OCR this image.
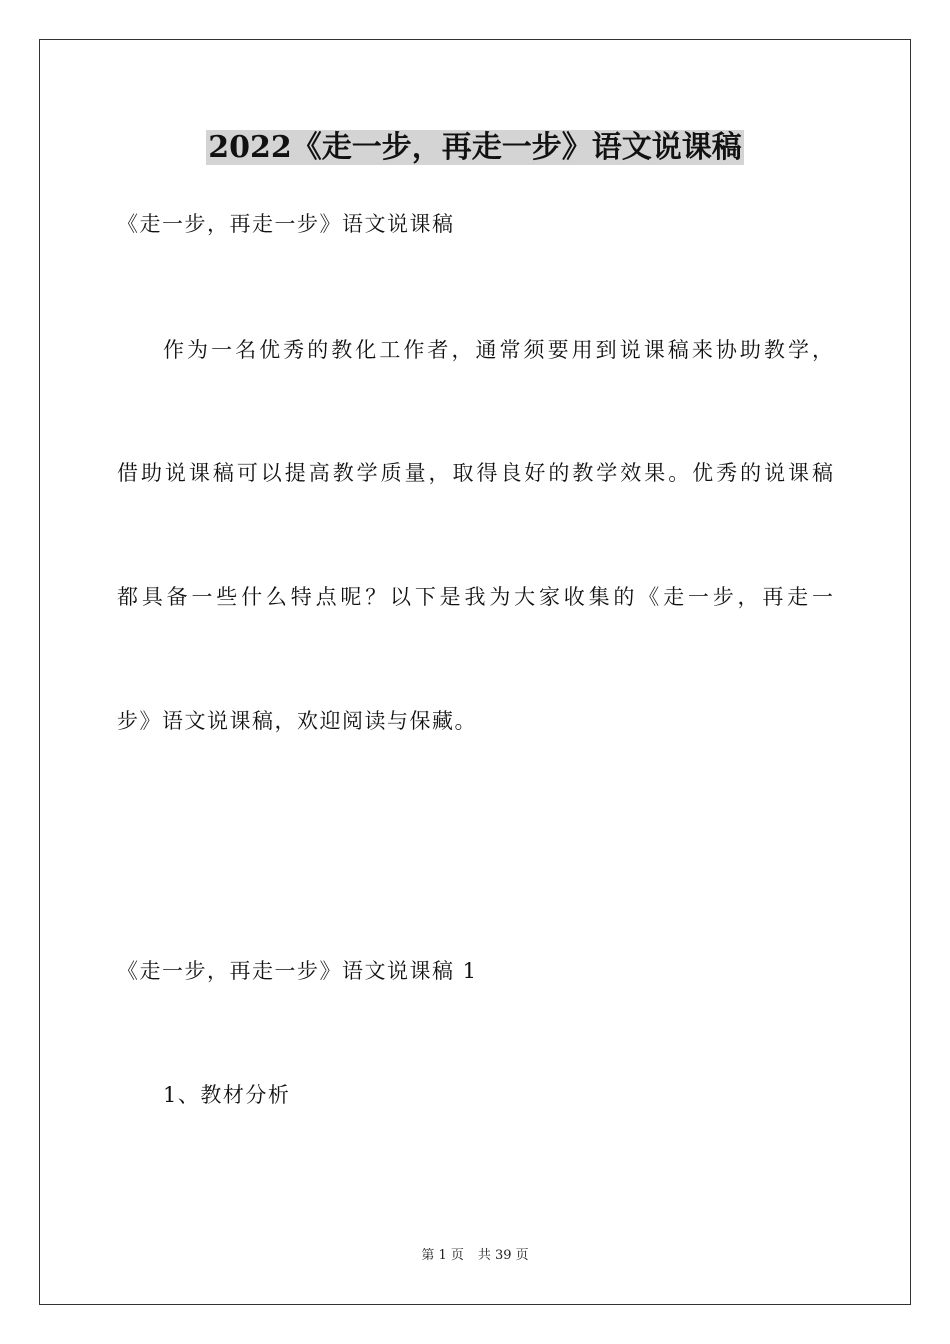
2022《走一步，再走一步》语文说课稿
《走一步，再走一步》语文说课稿
作为一名优秀的教化工作者，通常须要用到说课稿来协助教学，
借助说课稿可以提高教学质量，取得良好的教学效果。优秀的说课稿
都具备一些什么特点呢？以下是我为大家收集的《走一步，再走一
步》语文说课稿，欢迎阅读与保藏。
《走一步，再走一步》语文说课稿 1
1、教材分析
第 1 页 共 39 页
